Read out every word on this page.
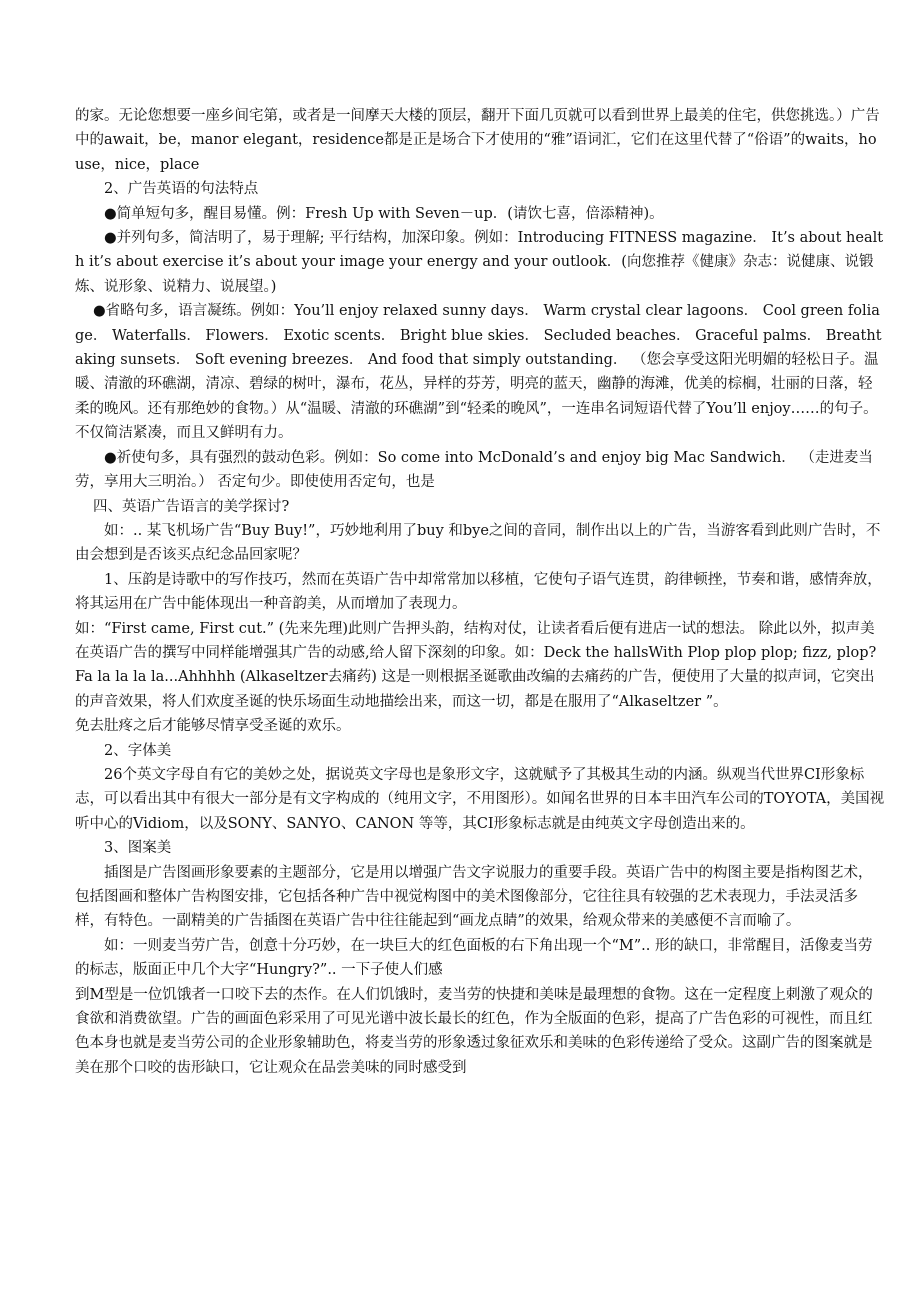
的家。无论您想要一座乡间宅第，或者是一间摩天大楼的顶层，翻开下面几页就可以看到世界上最美的住宅，供您挑选。）广告中的await，be，manor elegant，residence都是正是场合下才使用的“雅”语词汇，它们在这里代替了“俗语”的waits，house，nice，place

2、广告英语的句法特点

●简单短句多，醒目易懂。例：Fresh Up with Seven－up．(请饮七喜，倍添精神)。

●并列句多，简洁明了，易于理解; 平行结构，加深印象。例如：Introducing FITNESS magazine． It’s about health it’s about exercise it’s about your image your energy and your outlook．(向您推荐《健康》杂志：说健康、说锻炼、说形象、说精力、说展望。)

●省略句多，语言凝练。例如：You’ll enjoy relaxed sunny days． Warm crystal clear lagoons． Cool green foliage． Waterfalls． Flowers． Exotic scents． Bright blue skies． Secluded beaches． Graceful palms． Breathtaking sunsets． Soft evening breezes． And food that simply outstanding． （您会享受这阳光明媚的轻松日子。温暖、清澈的环礁湖，清凉、碧绿的树叶，瀑布，花丛，异样的芬芳，明亮的蓝天，幽静的海滩，优美的棕榈，壮丽的日落，轻柔的晚风。还有那绝妙的食物。）从“温暖、清澈的环礁湖”到“轻柔的晚风”，一连串名词短语代替了You’ll enjoy……的句子。不仅简洁紧凑，而且又鲜明有力。

●祈使句多，具有强烈的鼓动色彩。例如：So come into McDonald’s and enjoy big Mac Sandwich． （走进麦当劳，享用大三明治。） 否定句少。即使使用否定句，也是

四、英语广告语言的美学探讨?

如：.. 某飞机场广告“Buy Buy!”，巧妙地利用了buy 和bye之间的音同，制作出以上的广告，当游客看到此则广告时，不由会想到是否该买点纪念品回家呢？

1、压韵是诗歌中的写作技巧，然而在英语广告中却常常加以移植，它使句子语气连贯，韵律顿挫，节奏和谐，感情奔放，将其运用在广告中能体现出一种音韵美，从而增加了表现力。

如：“First came, First cut.” (先来先理)此则广告押头韵，结构对仗，让读者看后便有进店一试的想法。 除此以外，拟声美在英语广告的撰写中同样能增强其广告的动感,给人留下深刻的印象。如：Deck the hallsWith Plop plop plop; fizz, plop?

Fa la la la la...Ahhhhh (Alkaseltzer去痛药) 这是一则根据圣诞歌曲改编的去痛药的广告，便使用了大量的拟声词，它突出的声音效果，将人们欢度圣诞的快乐场面生动地描绘出来，而这一切，都是在服用了“Alkaseltzer ”。

免去肚疼之后才能够尽情享受圣诞的欢乐。

2、字体美

26个英文字母自有它的美妙之处，据说英文字母也是象形文字，这就赋予了其极其生动的内涵。纵观当代世界CI形象标志，可以看出其中有很大一部分是有文字构成的（纯用文字，不用图形）。如闻名世界的日本丰田汽车公司的TOYOTA，美国视听中心的Vidiom，以及SONY、SANYO、CANON 等等，其CI形象标志就是由纯英文字母创造出来的。

3、图案美

插图是广告图画形象要素的主题部分，它是用以增强广告文字说服力的重要手段。英语广告中的构图主要是指构图艺术，包括图画和整体广告构图安排，它包括各种广告中视觉构图中的美术图像部分，它往往具有较强的艺术表现力，手法灵活多样，有特色。一副精美的广告插图在英语广告中往往能起到“画龙点睛”的效果，给观众带来的美感便不言而喻了。

如：一则麦当劳广告，创意十分巧妙，在一块巨大的红色面板的右下角出现一个“M”.. 形的缺口，非常醒目，活像麦当劳的标志，版面正中几个大字“Hungry?”.. 一下子使人们感

到M型是一位饥饿者一口咬下去的杰作。在人们饥饿时，麦当劳的快捷和美味是最理想的食物。这在一定程度上刺激了观众的食欲和消费欲望。广告的画面色彩采用了可见光谱中波长最长的红色，作为全版面的色彩，提高了广告色彩的可视性，而且红色本身也就是麦当劳公司的企业形象辅助色，将麦当劳的形象透过象征欢乐和美味的色彩传递给了受众。这副广告的图案就是美在那个口咬的齿形缺口，它让观众在品尝美味的同时感受到
